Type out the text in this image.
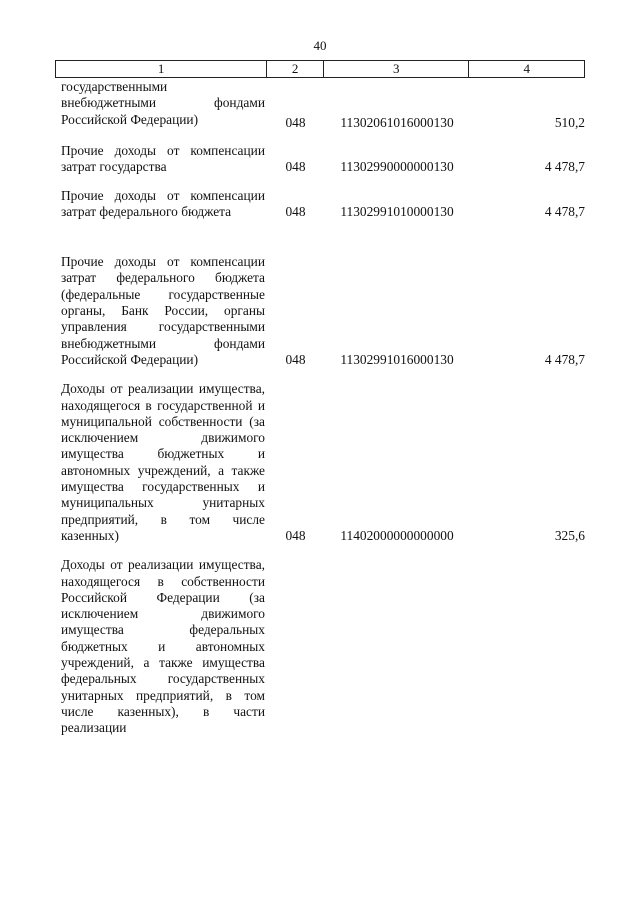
40
1	2	3	4
государственными внебюджетными фондами Российской Федерации)	048	11302061016000130	510,2
Прочие доходы от компенсации затрат государства	048	11302990000000130	4 478,7
Прочие доходы от компенсации затрат федерального бюджета	048	11302991010000130	4 478,7
Прочие доходы от компенсации затрат федерального бюджета (федеральные государственные органы, Банк России, органы управления государственными внебюджетными фондами Российской Федерации)	048	11302991016000130	4 478,7
Доходы от реализации имущества, находящегося в государственной и муниципальной собственности (за исключением движимого имущества бюджетных и автономных учреждений, а также имущества государственных и муниципальных унитарных предприятий, в том числе казенных)	048	11402000000000000	325,6
Доходы от реализации имущества, находящегося в собственности Российской Федерации (за исключением движимого имущества федеральных бюджетных и автономных учреждений, а также имущества федеральных государственных унитарных предприятий, в том числе казенных), в части реализации
